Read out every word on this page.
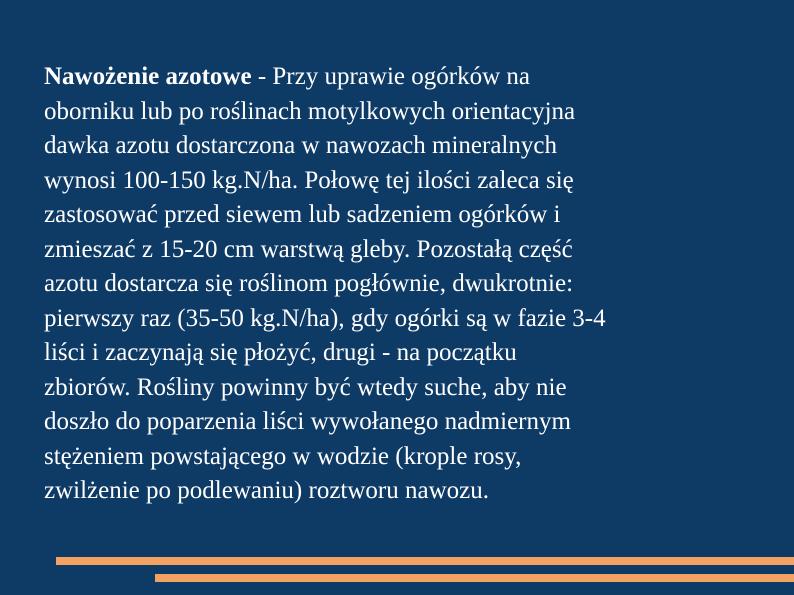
Nawożenie azotowe - Przy uprawie ogórków na
oborniku lub po roślinach motylkowych orientacyjna
dawka azotu dostarczona w nawozach mineralnych
wynosi 100-150 kg.N/ha. Połowę tej ilości zaleca się
zastosować przed siewem lub sadzeniem ogórków i
zmieszać z 15-20 cm warstwą gleby. Pozostałą część
azotu dostarcza się roślinom pogłównie, dwukrotnie:
pierwszy raz (35-50 kg.N/ha), gdy ogórki są w fazie 3-4
liści i zaczynają się płożyć, drugi - na początku
zbiorów. Rośliny powinny być wtedy suche, aby nie
doszło do poparzenia liści wywołanego nadmiernym
stężeniem powstającego w wodzie (krople rosy,
zwilżenie po podlewaniu) roztworu nawozu.
